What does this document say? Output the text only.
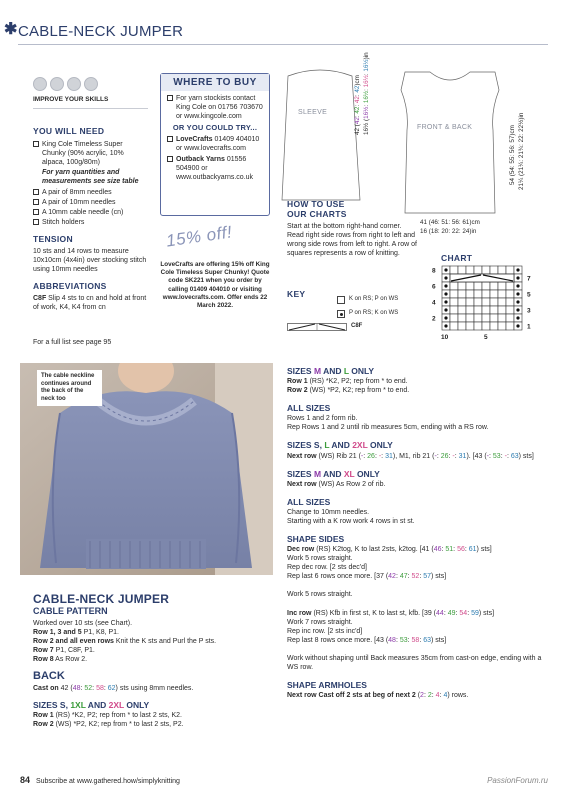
✱ CABLE-NECK JUMPER
IMPROVE YOUR SKILLS
YOU WILL NEED
King Cole Timeless Super Chunky (90% acrylic, 10% alpaca, 100g/80m)
For yarn quantities and measurements see size table
A pair of 8mm needles
A pair of 10mm needles
A 10mm cable needle (cn)
Stitch holders
TENSION
10 sts and 14 rows to measure 10x10cm (4x4in) over stocking stitch using 10mm needles
ABBREVIATIONS
C8F Slip 4 sts to cn and hold at front of work, K4, K4 from cn
For a full list see page 95
WHERE TO BUY
For yarn stockists contact King Cole on 01756 703670 or www.kingcole.com
OR YOU COULD TRY...
LoveCrafts 01409 404010 or www.lovecrafts.com
Outback Yarns 01556 504900 or www.outbackyarns.co.uk
15% off!
LoveCrafts are offering 15% off King Cole Timeless Super Chunky! Quote code SK221 when you order by calling 01409 404010 or visiting www.lovecrafts.com. Offer ends 22 March 2022.
SLEEVE
42 (42: 42: 42: 42)cm
16½ (16½: 16½: 16½: 16½)in
FRONT & BACK	54 (54: 55: 56: 57)cm 21¼ (21¼: 21¾: 22: 22½)in
41 (46: 51: 56: 61)cm
16 (18: 20: 22: 24)in
HOW TO USE
OUR CHARTS
Start at the bottom right-hand corner. Read right side rows from right to left and wrong side rows from left to right. A row of squares represents a row of knitting.
KEY
K on RS; P on WS
P on RS; K on WS
C8F
CHART
8
6
4
2
7
5
3
1
10	5
The cable neckline continues around the back of the neck too
CABLE-NECK JUMPER
CABLE PATTERN
Worked over 10 sts (see Chart).
Row 1, 3 and 5 P1, K8, P1.
Row 2 and all even rows Knit the K sts and Purl the P sts.
Row 7 P1, C8F, P1.
Row 8 As Row 2.
BACK
Cast on 42 (48: 52: 58: 62) sts using 8mm needles.
SIZES S, 1XL AND 2XL ONLY
Row 1 (RS) *K2, P2; rep from * to last 2 sts, K2.
Row 2 (WS) *P2, K2; rep from * to last 2 sts, P2.
SIZES M AND L ONLY
Row 1 (RS) *K2, P2; rep from * to end.
Row 2 (WS) *P2, K2; rep from * to end.
ALL SIZES
Rows 1 and 2 form rib.
Rep Rows 1 and 2 until rib measures 5cm, ending with a RS row.
SIZES S, L AND 2XL ONLY
Next row (WS) Rib 21 (-: 26: -: 31), M1, rib 21 (-: 26: -: 31). [43 (-: 53: -: 63) sts]
SIZES M AND XL ONLY
Next row (WS) As Row 2 of rib.
ALL SIZES
Change to 10mm needles.
Starting with a K row work 4 rows in st st.
SHAPE SIDES
Dec row (RS) K2tog, K to last 2sts, k2tog. [41 (46: 51: 56: 61) sts]
Work 5 rows straight.
Rep dec row. [2 sts dec'd]
Rep last 6 rows once more. [37 (42: 47: 52: 57) sts]
Work 5 rows straight.
Inc row (RS) Kfb in first st, K to last st, kfb. [39 (44: 49: 54: 59) sts]
Work 7 rows straight.
Rep inc row. [2 sts inc'd]
Rep last 8 rows once more. [43 (48: 53: 58: 63) sts]
Work without shaping until Back measures 35cm from cast-on edge, ending with a WS row.
SHAPE ARMHOLES
Next row Cast off 2 sts at beg of next 2 (2: 2: 4: 4) rows.
84 Subscribe at www.gathered.how/simplyknitting	PassionForum.ru
